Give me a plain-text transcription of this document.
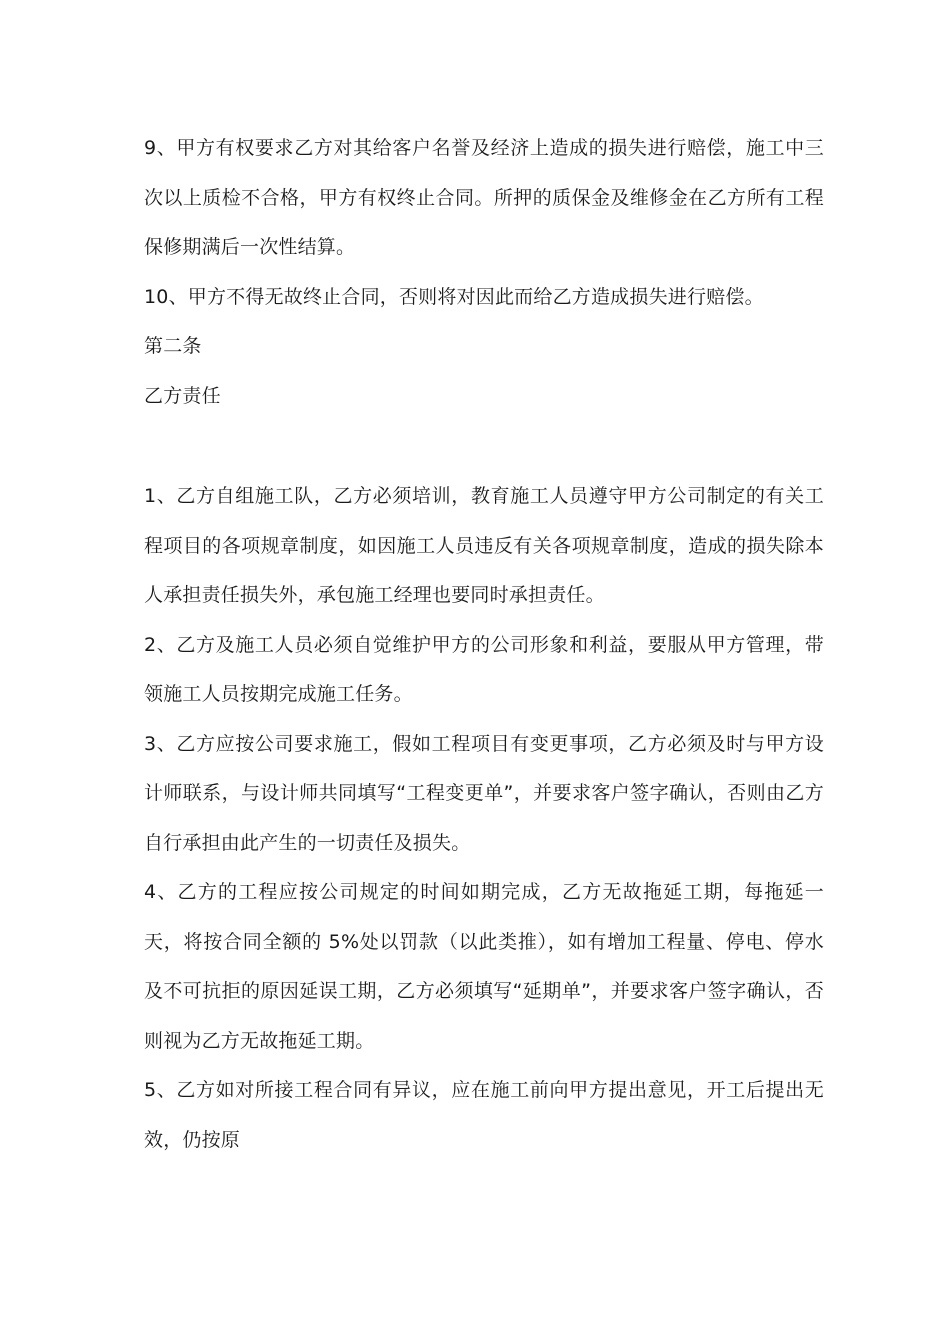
9、甲方有权要求乙方对其给客户名誉及经济上造成的损失进行赔偿，施工中三次以上质检不合格，甲方有权终止合同。所押的质保金及维修金在乙方所有工程保修期满后一次性结算。

10、甲方不得无故终止合同，否则将对因此而给乙方造成损失进行赔偿。

第二条

乙方责任

1、乙方自组施工队，乙方必须培训，教育施工人员遵守甲方公司制定的有关工程项目的各项规章制度，如因施工人员违反有关各项规章制度，造成的损失除本人承担责任损失外，承包施工经理也要同时承担责任。

2、乙方及施工人员必须自觉维护甲方的公司形象和利益，要服从甲方管理，带领施工人员按期完成施工任务。

3、乙方应按公司要求施工，假如工程项目有变更事项，乙方必须及时与甲方设计师联系，与设计师共同填写“工程变更单”，并要求客户签字确认，否则由乙方自行承担由此产生的一切责任及损失。

4、乙方的工程应按公司规定的时间如期完成，乙方无故拖延工期，每拖延一天，将按合同全额的 5%处以罚款（以此类推），如有增加工程量、停电、停水及不可抗拒的原因延误工期，乙方必须填写“延期单”，并要求客户签字确认，否则视为乙方无故拖延工期。

5、乙方如对所接工程合同有异议，应在施工前向甲方提出意见，开工后提出无效，仍按原
